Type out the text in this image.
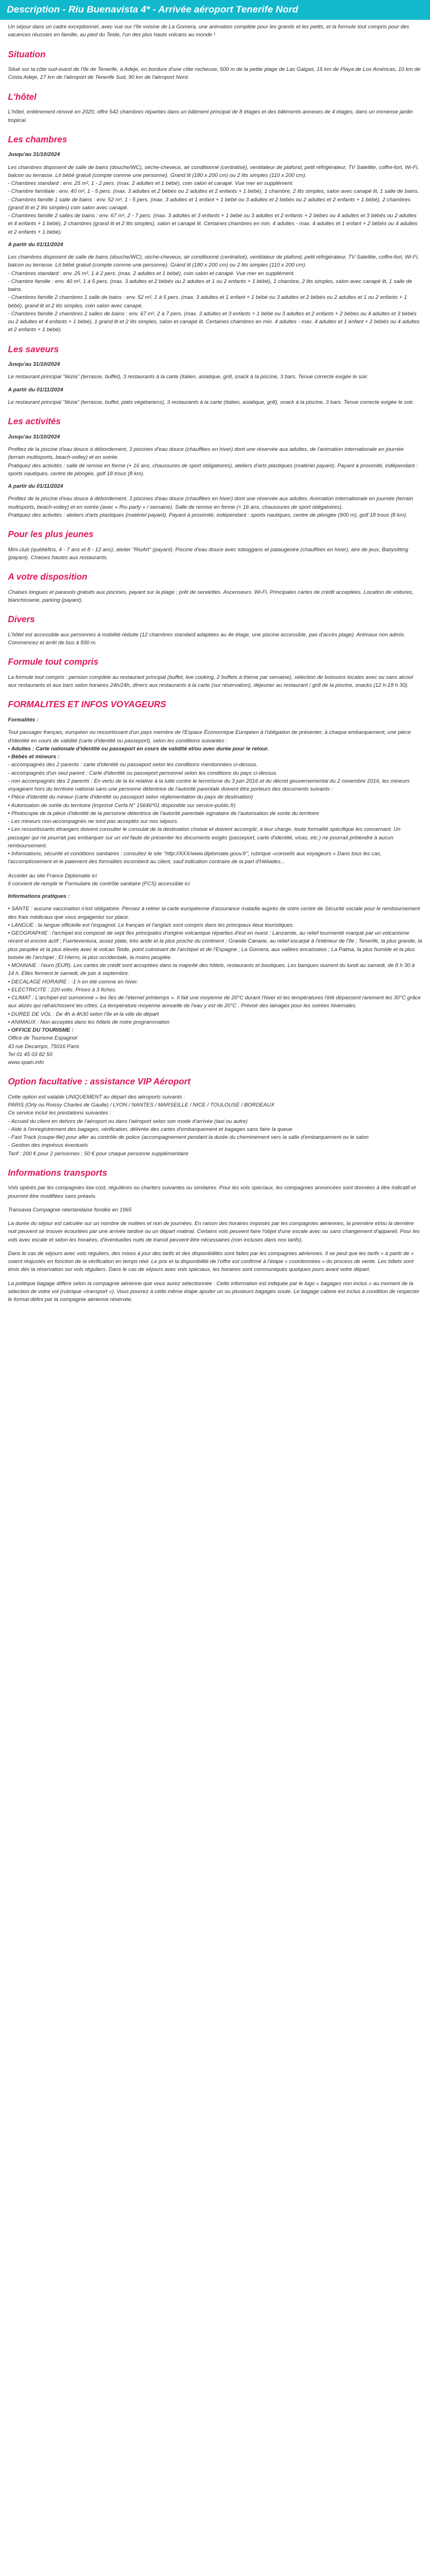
Description - Riu Buenavista 4* - Arrivée aéroport Tenerife Nord

Un séjour dans un cadre exceptionnel, avec vue sur l'île voisine de La Gomera, une animation complète pour les grands et les petits, et la formule tout compris pour des vacances réussies en famille, au pied du Teide, l'un des plus hauts volcans au monde !

Situation

Situé sur la côte sud-ouest de l'île de Tenerife, à Adeje, en bordure d'une côte rocheuse, 500 m de la petite plage de Las Galgas, 15 km de Playa de Los Américas, 10 km de Costa Adeje, 27 km de l'aéroport de Tenerife Sud, 90 km de l'aéroport Nord.

L'hôtel

L'hôtel, entièrement rénové en 2020, offre 542 chambres réparties dans un bâtiment principal de 8 étages et des bâtiments annexes de 4 étages, dans un immense jardin tropical.

Les chambres
Jusqu'au 31/10/2024

Les chambres disposent de salle de bains (douche/WC), sèche-cheveux, air conditionné (centralisé), ventilateur de plafond, petit réfrigérateur, TV Satellite, coffre-fort, Wi-Fi, balcon ou terrasse. Lit bébé gratuit (compte comme une personne). Grand lit (180 x 200 cm) ou 2 lits simples (110 x 200 cm).

- Chambres standard : env. 25 m², 1 - 2 pers. (max. 2 adultes et 1 bébé), coin salon et canapé. Vue mer en supplément.

- Chambre familiale : env. 40 m², 1 - 5 pers. (max. 3 adultes et 2 bébés ou 2 adultes et 2 enfants + 1 bébé), 1 chambre, 2 lits simples, salon avec canapé lit, 1 salle de bains.

- Chambres famille 1 salle de bains : env. 52 m², 1 - 5 pers. (max. 3 adultes et 1 enfant + 1 bébé ou 3 adultes et 2 bébés ou 2 adultes et 2 enfants + 1 bébé), 2 chambres (grand lit et 2 lits simples) coin salon avec canapé.

- Chambres famille 2 salles de bains : env. 67 m², 2 - 7 pers. (max. 3 adultes et 3 enfants + 1 bébé ou 3 adultes et 2 enfants + 2 bébés ou 4 adultes et 3 bébés ou 2 adultes et 4 enfants + 1 bébé), 2 chambres (grand lit et 2 lits simples), salon et canapé lit. Certaines chambres en min. 4 adultes - max. 4 adultes et 1 enfant + 2 bébés ou 4 adultes et 2 enfants + 1 bébé).

A partir du 01/11/2024

Les chambres disposent de salle de bains (douche/WC), sèche-cheveux, air conditionné (centralisé), ventilateur de plafond, petit réfrigérateur, TV Satellite, coffre-fort, Wi-Fi, balcon ou terrasse. Lit bébé gratuit (compte comme une personne). Grand lit (180 x 200 cm) ou 2 lits simples (110 x 200 cm).

- Chambres standard : env. 25 m², 1 à 2 pers. (max. 2 adultes et 1 bébé), coin salon et canapé. Vue mer en supplément.

- Chambre familie : env. 40 m², 1 à 5 pers. (max. 3 adultes et 2 bébés ou 2 adultes et 1 ou 2 enfants + 1 bébé), 1 chambre, 2 lits simples, salon avec canapé lit, 1 salle de bains.

- Chambres famille 2 chambres 1 salle de bains : env. 52 m², 1 à 5 pers. (max. 3 adultes et 1 enfant + 1 bébé ou 3 adultes et 2 bébés ou 2 adultes et 1 ou 2 enfants + 1 bébé), grand lit et 2 lits simples, coin salon avec canapé.

- Chambres famille 2 chambres 2 salles de bains : env. 67 m², 2 à 7 pers. (max. 3 adultes et 3 enfants + 1 bébé ou 3 adultes et 2 enfants + 2 bébés ou 4 adultes et 3 bébés ou 2 adultes et 4 enfants + 1 bébé), 1 grand lit et 2 lits simples, salon et canapé lit. Certaines chambres en min. 4 adultes - max. 4 adultes et 1 enfant + 2 bébés ou 4 adultes et 2 enfants + 1 bébé).

Les saveurs
Jusqu'au 31/10/2024

Le restaurant principal "Ilézia" (terrasse, buffet), 3 restaurants à la carte (italien, asiatique, grill, snack à la piscine, 3 bars. Tenue correcte exigée le soir.

A partir du 01/11/2024

Le restaurant principal "Ilézia" (terrasse, buffet, plats végétariens), 3 restaurants à la carte (italien, asiatique, grill), snack à la piscine, 3 bars. Tenue correcte exigée le soir.

Les activités
Jusqu'au 31/10/2024

Profitez de la piscine d'eau douce à débordement, 3 piscines d'eau douce (chauffées en hiver) dont une réservée aux adultes, de l'animation internationale en journée (terrain multisports, beach-volley) et en soirée.

Pratiquez des activités : salle de remise en forme (+ 16 ans, chaussures de sport obligatoires), ateliers d'arts plastiques (matériel payant). Payant à proximité, indépendant : sports nautiques, centre de plongée, golf 18 trous (8 km).

A partir du 01/11/2024

Profitez de la piscine d'eau douce à débordement, 3 piscines d'eau douce (chauffées en hiver) dont une réservée aux adultes. Animation internationale en journée (terrain multisports, beach-volley) et en soirée (avec « Riu party » / semaine). Salle de remise en forme (+ 16 ans, chaussures de sport obligatoires).

Pratiquez des activités : ateliers d'arts plastiques (matériel payant). Payant à proximité, indépendant : sports nautiques, centre de plongée (900 m), golf 18 trous (8 km).

Pour les plus jeunes

Mini club (québéfins, 4 - 7 ans et 8 - 12 ans), atelier "RiuArt" (payant). Piscine d'eau douce avec toboggans et pataugeoire (chauffées en hiver), aire de jeux, Babysitting (payant). Chaises hautes aux restaurants.

A votre disposition

Chaises longues et parasols gratuits aux piscines, payant sur la plage ; prêt de serviettes. Ascenseurs. Wi-Fi. Principales cartes de crédit acceptées. Location de voitures, blanchisserie, parking (payant).

Divers

L'hôtel est accessible aux personnes à mobilité réduite (12 chambres standard adaptées au 4e étage, une piscine accessible, pas d'accès plage). Animaux non admis. Commencez et arrêt de bus à 500 m.

Formule tout compris

La formule tout compris : pension complète au restaurant principal (buffet, live cooking, 2 buffets à thème par semaine), sélection de boissons locales avec ou sans alcool aux restaurants et aux bars selon horaires 24h/24h, dîners aux restaurants à la carte (sur réservation), déjeuner au restaurant / grill de la piscine, snacks (12 h-18 h 30).

FORMALITES ET INFOS VOYAGEURS
Formalités :

Tout passager français, européen ou ressortissant d'un pays membre de l'Espace Économique Européen à l'obligation de présenter, à chaque embarquement, une pièce d'identité en cours de validité (carte d'identité ou passeport), selon les conditions suivantes :

• Adultes : Carte nationale d'identité ou passeport en cours de validité et/ou avec durée pour le retour.

• Bébés et mineurs :

- accompagnés des 2 parents : carte d'identité ou passeport selon les conditions mentionnées ci-dessus.

- accompagnés d'un seul parent : Carte d'identité ou passeport personnel selon les conditions du pays ci-dessus.

- non accompagnés des 2 parents : En vertu de la loi relative à la lutte contre le terrorisme du 3 juin 2016 et du décret gouvernemental du 2 novembre 2016, les mineurs voyageant hors du territoire national sans une personne détentrice de l'autorité parentale doivent être porteurs des documents suivants :

• Pièce d'identité du mineur (carte d'identité ou passeport selon réglementation du pays de destination)

• Autorisation de sortie du territoire (imprimé Cerfa N° 15646*01 disponible sur service-public.fr)

• Photocopie de la pièce d'identité de la personne détentrice de l'autorité parentale signataire de l'autorisation de sortie du territoire

- Les mineurs non-accompagnés ne sont pas acceptés sur nos séjours.

• Les ressortissants étrangers doivent consulter le consulat de la destination choisie et doivent accomplir, à leur charge, toute formalité spécifique les concernant. Un passager qui ne pourrait pas embarquer sur un vol faute de présenter les documents exigés (passeport, carte d'identité, visas, etc.) ne pourrait prétendre à aucun remboursement.

• Informations, sécurité et conditions sanitaires : consultez le site "http://XXX/www.diplomatie.gouv.fr", rubrique «conseils aux voyageurs » Dans tous les cas, l'accomplissement et le paiement des formalités incombent au client, sauf indication contraire de la part d'Héliades...

Accéder au site France Diplomatie ici

Il convient de remplir le Formulaire de contrôle sanitaire (FCS) accessible ici

Informations pratiques :

• SANTE : aucune vaccination n'est obligatoire. Pensez à retirer la carte européenne d'assurance maladie auprès de votre centre de Sécurité sociale pour le remboursement des frais médicaux que vous engageriez sur place.

• LANGUE : la langue officielle est l'espagnol. Le français et l'anglais sont compris dans les principaux lieux touristiques.

• GEOGRAPHIE : l'archipel est composé de sept îles principales d'origine volcanique réparties d'est en ouest : Lanzarote, au relief tourmenté marqué par un volcanisme récent et encore actif ; Fuerteventura, assez plate, très aride et la plus proche du continent ; Grande Canarie, au relief escarpé à l'intérieur de l'île ; Tenerife, la plus grande, la plus peuplée et la plus élevée avec le volcan Teide, point culminant de l'archipel et de l'Espagne ; La Gomera, aux vallées encaissées ; La Palma, la plus humide et la plus boisée de l'archipel ; El Hierro, la plus occidentale, la moins peuplée.

• MONNAIE : l'euro (EUR). Les cartes de crédit sont acceptées dans la majorité des hôtels, restaurants et boutiques. Les banques ouvrent du lundi au samedi, de 8 h 30 à 14 h. Elles ferment le samedi, de juin à septembre.

• DECALAGE HORAIRE : -1 h en été comme en hiver.

• ELECTRICITE : 220 volts. Prises à 3 fiches.

• CLIMAT : L'archipel est surnommé « les îles de l'éternel printemps ». Il fait une moyenne de 20°C durant l'hiver et les températures l'été dépassent rarement les 30°C grâce aux alizés qui rafraîchissent les côtes. La température moyenne annuelle de l'eau y est de 20°C . Prévoir des lainages pour les soirées hivernales.

• DUREE DE VOL : De 4h à 4h30 selon l'île et la ville de départ

• ANIMAUX : Non acceptés dans les hôtels de notre programmation

• OFFICE DU TOURISME :

Office de Tourisme Espagnol

43 rue Decamps, 75016 Paris

Tel 01 45 03 82 50

www.spain.info

Option facultative : assistance VIP Aéroport

Cette option est valable UNIQUEMENT au départ des aéroports suivants :

PARIS (Orly ou Roissy Charles de Gaulle) / LYON / NANTES / MARSEILLE / NICE / TOULOUSE / BORDEAUX

Ce service inclut les prestations suivantes :

- Accueil du client en dehors de l'aéroport ou dans l'aéroport selon son mode d'arrivée (taxi ou autre)

- Aide à l'enregistrement des bagages, vérification, délivrée des cartes d'embarquement et bagages sans faire la queue

- Fast Track (coupe-file) pour aller au contrôle de police (accompagnement pendant la durée du cheminement vers la salle d'embarquement ou le salon

- Gestion des imprévus éventuels

Tarif : 200 € pour 2 personnes ; 50 € pour chaque personne supplémentaire

Informations transports

Vols opérés par les compagnies low cost, régulières ou charters suivantes ou similaires. Pour les vols spéciaux, les compagnies annoncées sont données à titre indicatif et pourront être modifiées sans préavis.

Transavia Compagnie néerlandaise fondée en 1965

La durée du séjour est calculée sur un nombre de nuitées et non de journées. En raison des horaires imposés par les compagnies aériennes, la première et/ou la dernière nuit peuvent se trouver écourtées par une arrivée tardive ou un départ matinal. Certains vols peuvent faire l'objet d'une escale avec ou sans changement d'appareil. Pour les vols avec escale et selon les horaires, d'éventuelles nuits de transit peuvent être nécessaires (non incluses dans nos tarifs).

Dans le cas de séjours avec vols réguliers, des mises à jour des tarifs et des disponibilités sont faites par les compagnies aériennes. Il se peut que les tarifs « à partir de » soient réajustés en fonction de la vérification en temps réel. Le prix et la disponibilité de l'offre est confirmé à l'étape « coordonnées » du process de vente. Les billets sont émis dès la réservation sur vols réguliers. Dans le cas de séjours avec vols spéciaux, les horaires sont communiqués quelques jours avant votre départ.

La politique bagage diffère selon la compagnie aérienne que vous aurez sélectionnée : Cette information est indiquée par le logo « bagages non inclus » au moment de la sélection de votre vol (rubrique «transport »). Vous pourrez à cette même étape ajouter un ou plusieurs bagages soute. Le bagage cabine est inclus à condition de respecter le format défini par la compagnie aérienne réservée.
